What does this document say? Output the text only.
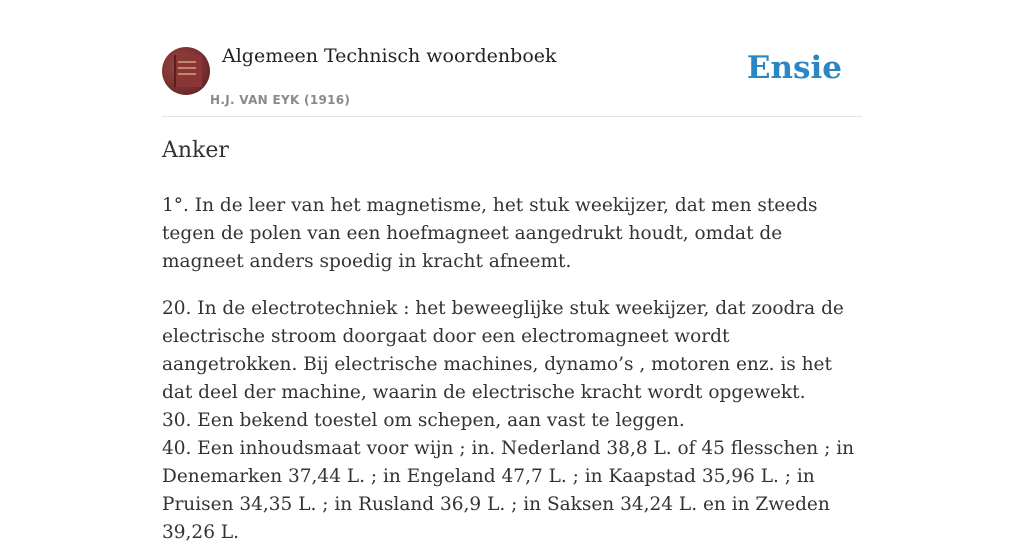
Algemeen Technisch woordenboek
H.J. VAN EYK (1916)
Ensie
Anker

1°. In de leer van het magnetisme, het stuk weekijzer, dat men steeds tegen de polen van een hoefmagneet aangedrukt houdt, omdat de magneet anders spoedig in kracht afneemt.

20. In de electrotechniek : het beweeglijke stuk weekijzer, dat zoodra de electrische stroom doorgaat door een electromagneet wordt aangetrokken. Bij electrische machines, dynamo’s , motoren enz. is het dat deel der machine, waarin de electrische kracht wordt opgewekt.

30. Een bekend toestel om schepen, aan vast te leggen.

40. Een inhoudsmaat voor wijn ; in. Nederland 38,8 L. of 45 flesschen ; in Denemarken 37,44 L. ; in Engeland 47,7 L. ; in Kaapstad 35,96 L. ; in Pruisen 34,35 L. ; in Rusland 36,9 L. ; in Saksen 34,24 L. en in Zweden 39,26 L.
